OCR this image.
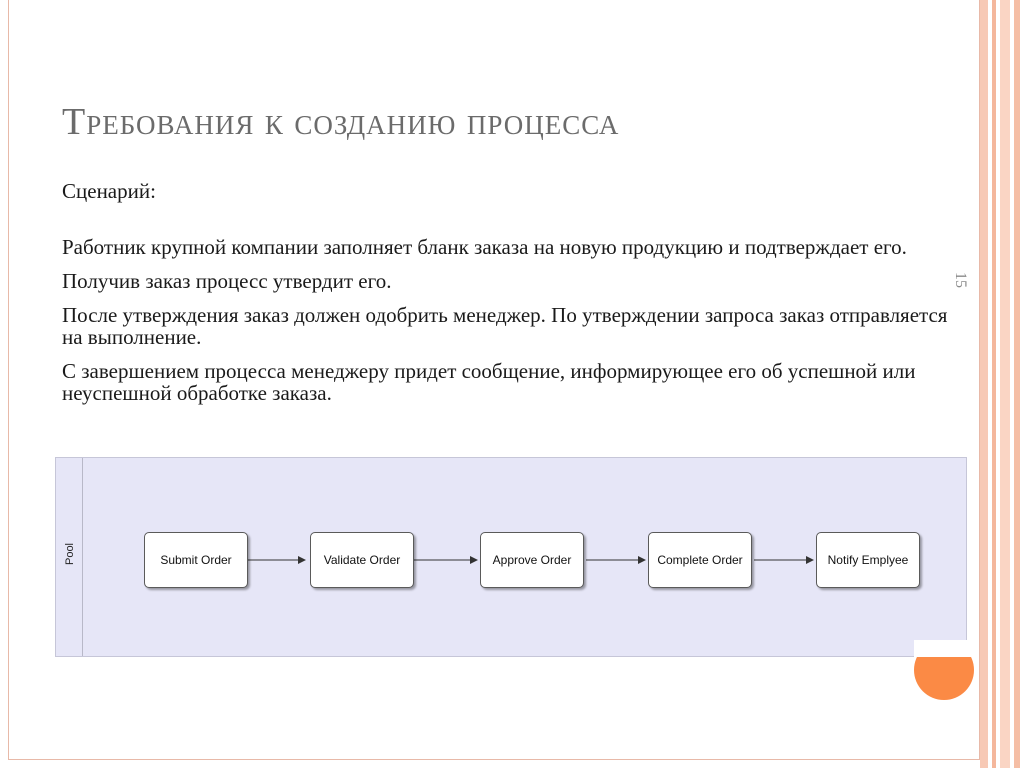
Требования к созданию процесса
15
Сценарий:
Работник крупной компании заполняет бланк заказа на новую продукцию и подтверждает его.
Получив заказ процесс утвердит его.
После утверждения заказ должен одобрить менеджер. По утверждении запроса заказ отправляется на выполнение.
С завершением процесса менеджеру придет сообщение, информирующее его об успешной или неуспешной обработке заказа.
Pool	Submit Order	Validate Order	Approve Order	Complete Order	Notify Emplyee
